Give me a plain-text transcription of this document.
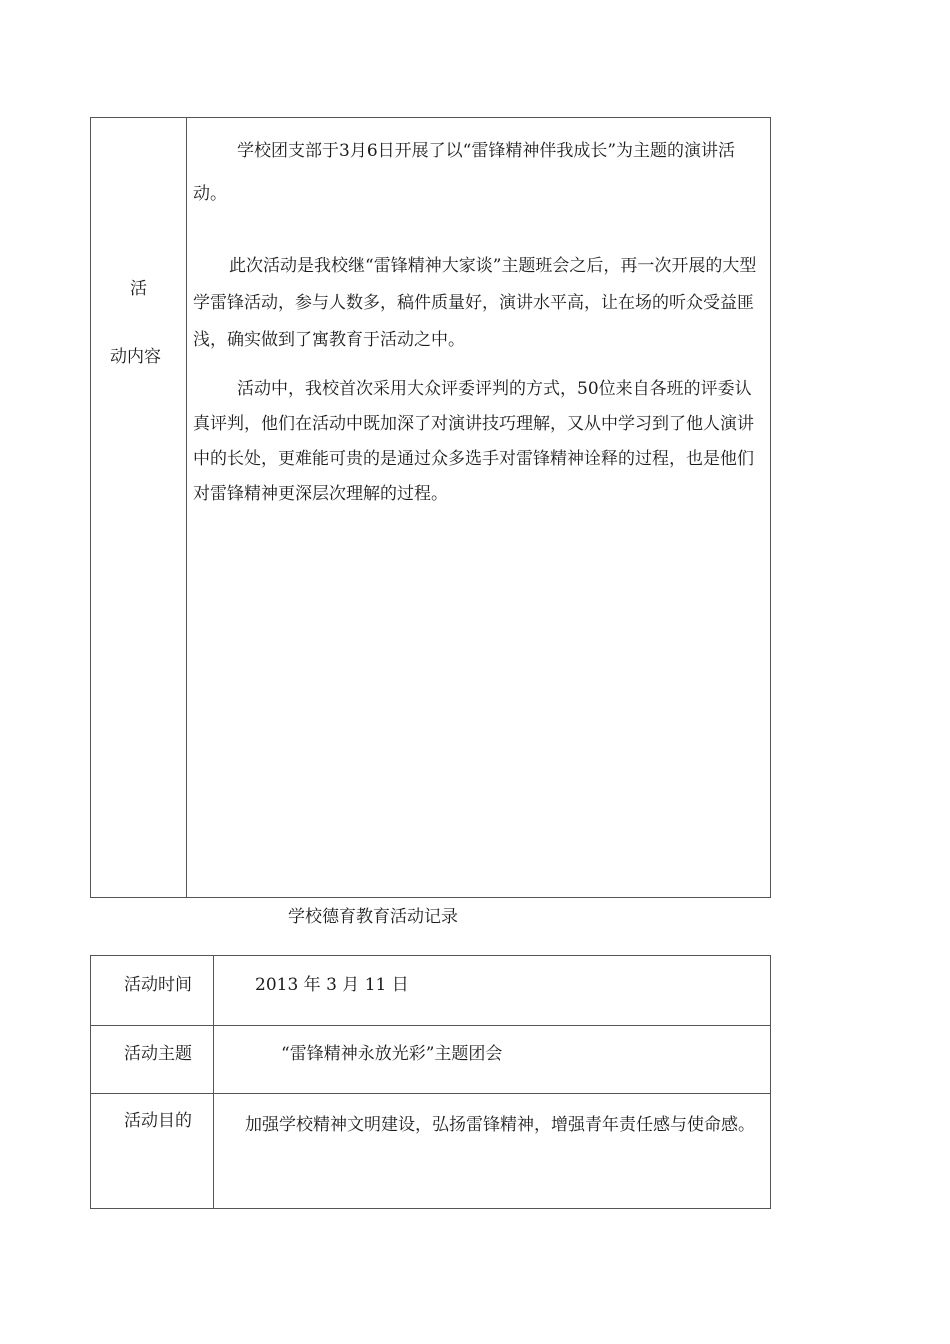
活
动内容

学校团支部于3月6日开展了以“雷锋精神伴我成长”为主题的演讲活动。

此次活动是我校继“雷锋精神大家谈”主题班会之后，再一次开展的大型学雷锋活动，参与人数多，稿件质量好，演讲水平高，让在场的听众受益匪浅，确实做到了寓教育于活动之中。

活动中，我校首次采用大众评委评判的方式，50位来自各班的评委认真评判，他们在活动中既加深了对演讲技巧理解，又从中学习到了他人演讲中的长处，更难能可贵的是通过众多选手对雷锋精神诠释的过程，也是他们对雷锋精神更深层次理解的过程。

学校德育教育活动记录
活动时间	2013 年 3 月 11 日
活动主题	“雷锋精神永放光彩”主题团会
活动目的	加强学校精神文明建设，弘扬雷锋精神，增强青年责任感与使命感。
